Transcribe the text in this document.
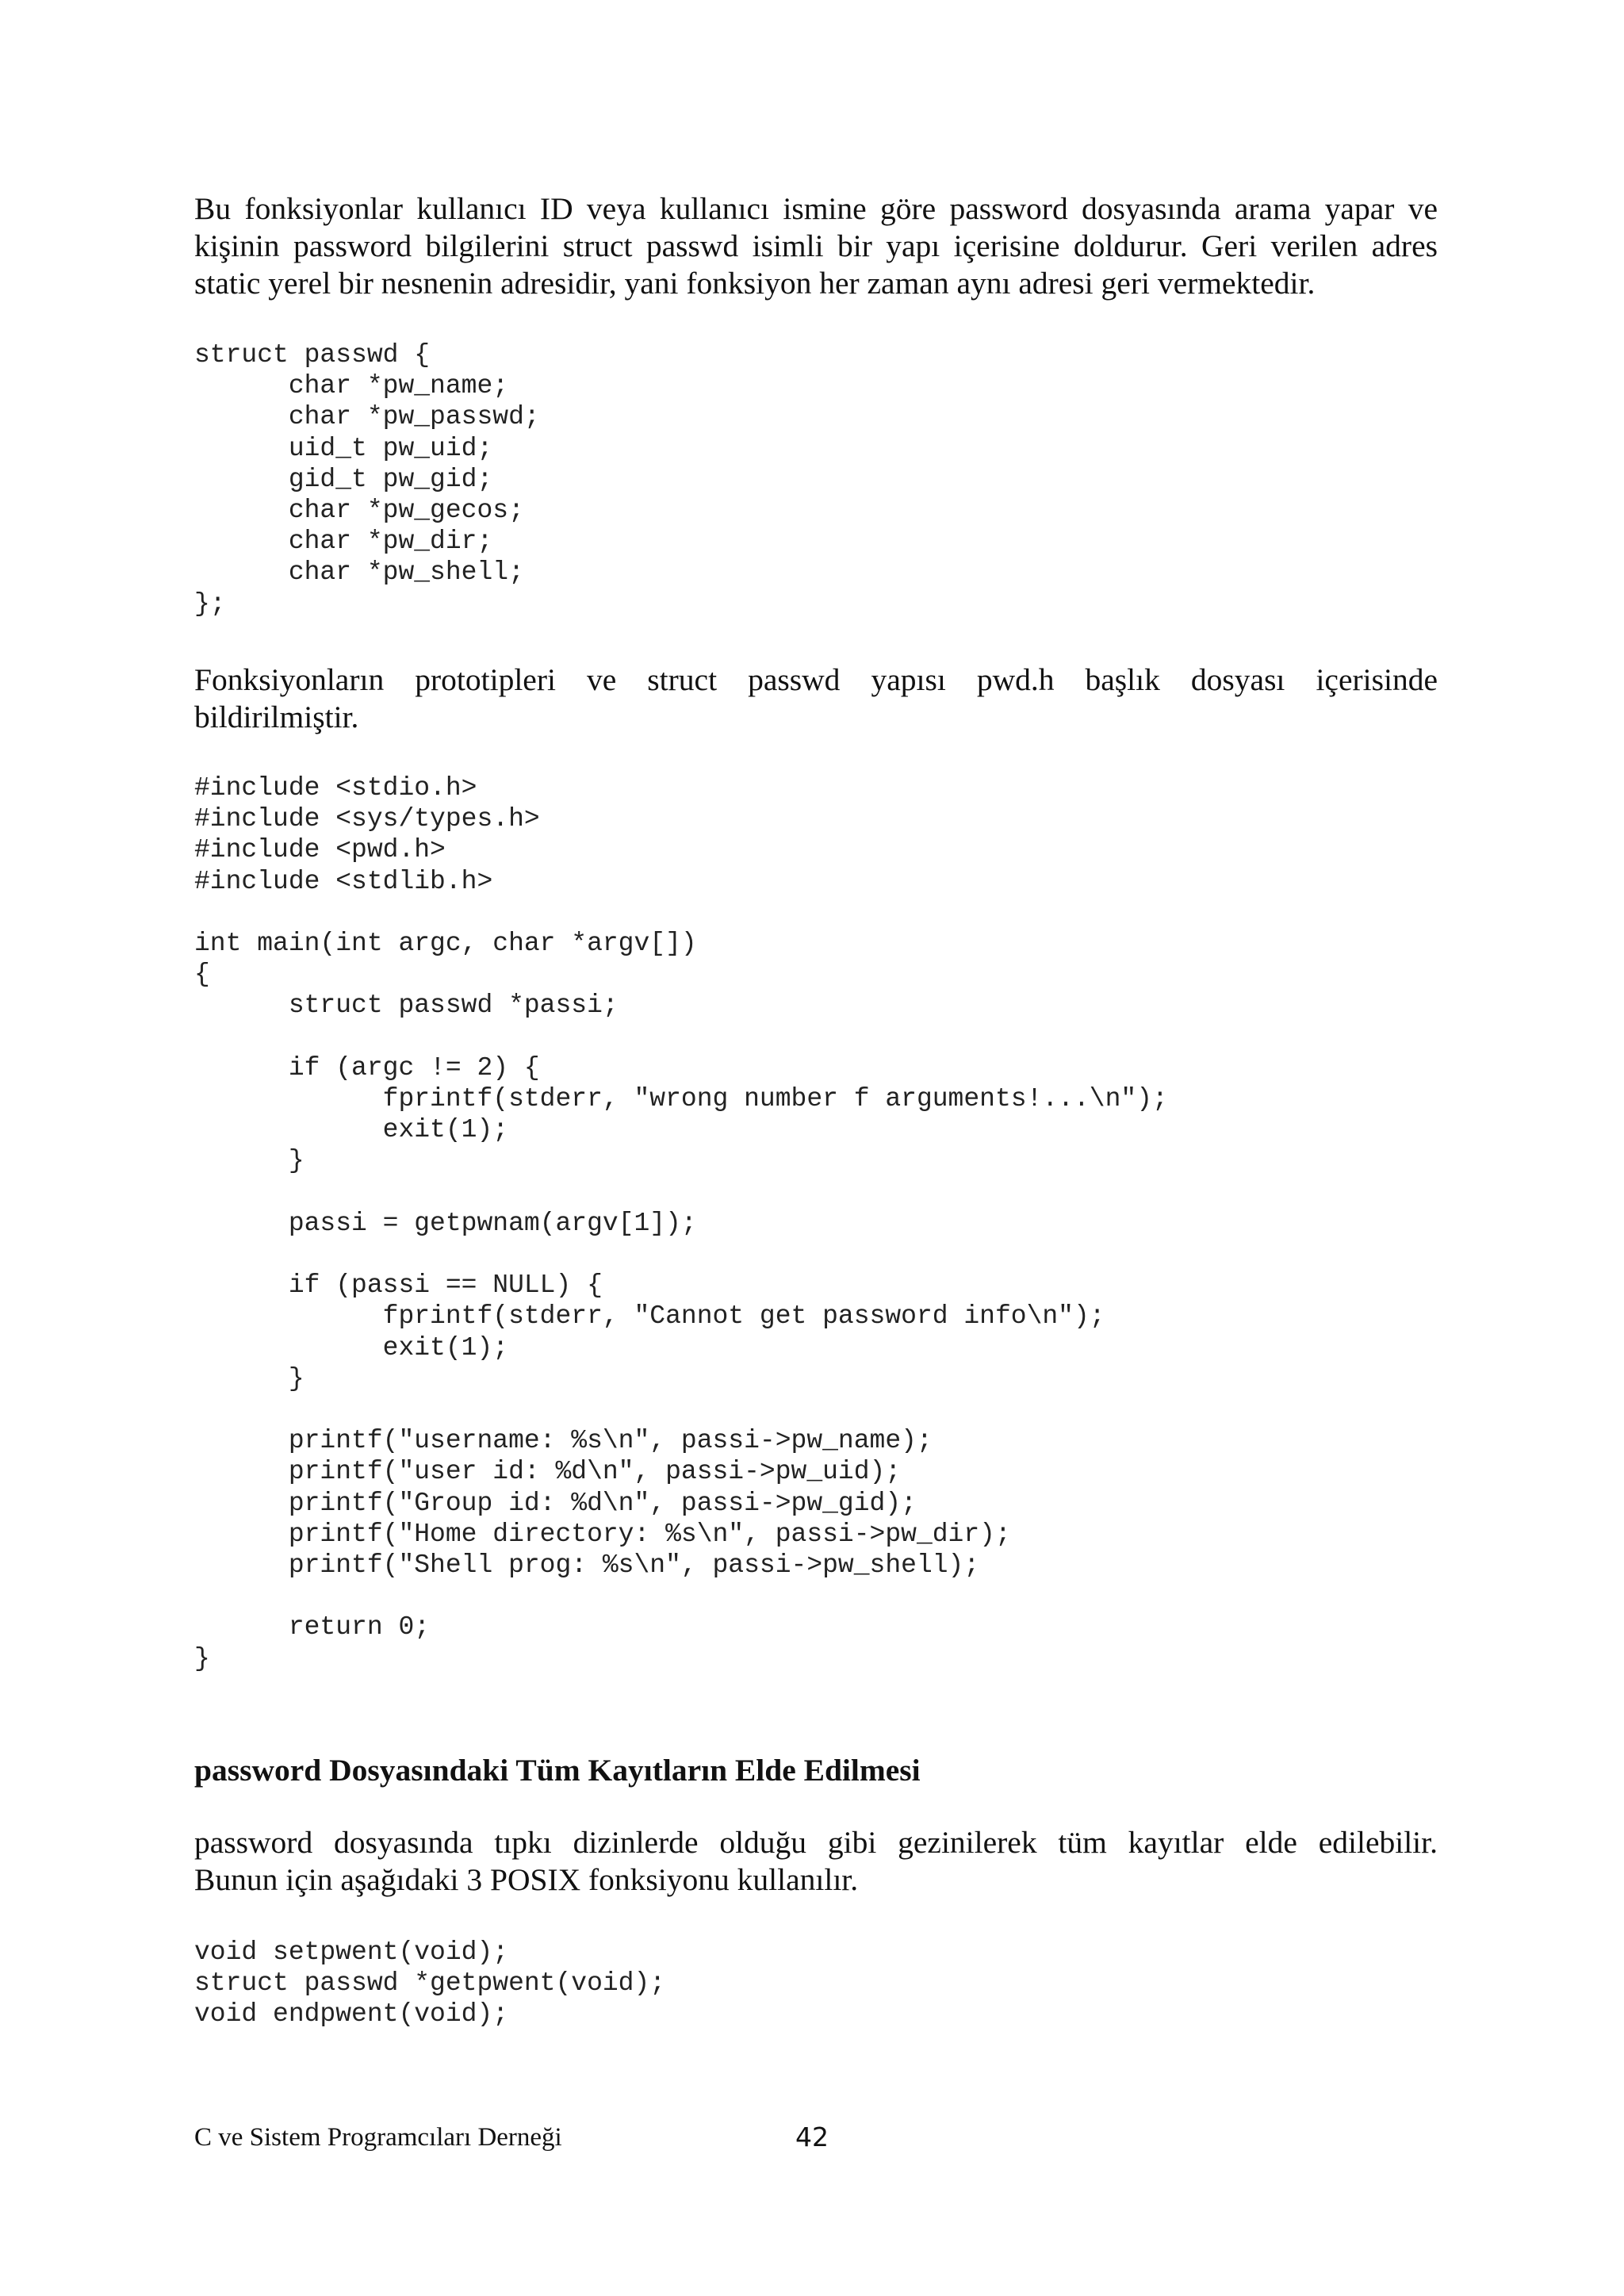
Bu fonksiyonlar kullanıcı ID veya kullanıcı ismine göre password dosyasında arama yapar ve
kişinin password bilgilerini struct passwd isimli bir yapı içerisine doldurur. Geri verilen adres
static yerel bir nesnenin adresidir, yani fonksiyon her zaman aynı adresi geri vermektedir.
struct passwd {
char *pw_name;
char *pw_passwd;
uid_t pw_uid;
gid_t pw_gid;
char *pw_gecos;
char *pw_dir;
char *pw_shell;
};
Fonksiyonların prototipleri ve struct passwd yapısı pwd.h başlık dosyası içerisinde
bildirilmiştir.
#include <stdio.h>
#include <sys/types.h>
#include <pwd.h>
#include <stdlib.h>

int main(int argc, char *argv[])
{
struct passwd *passi;

if (argc != 2) {
fprintf(stderr, "wrong number f arguments!...\n");
exit(1);
}

passi = getpwnam(argv[1]);

if (passi == NULL) {
fprintf(stderr, "Cannot get password info\n");
exit(1);
}

printf("username: %s\n", passi->pw_name);
printf("user id: %d\n", passi->pw_uid);
printf("Group id: %d\n", passi->pw_gid);
printf("Home directory: %s\n", passi->pw_dir);
printf("Shell prog: %s\n", passi->pw_shell);

return 0;
}
password Dosyasındaki Tüm Kayıtların Elde Edilmesi
password dosyasında tıpkı dizinlerde olduğu gibi gezinilerek tüm kayıtlar elde edilebilir.
Bunun için aşağıdaki 3 POSIX fonksiyonu kullanılır.
void setpwent(void);
struct passwd *getpwent(void);
void endpwent(void);
C ve Sistem Programcıları Derneği	42
